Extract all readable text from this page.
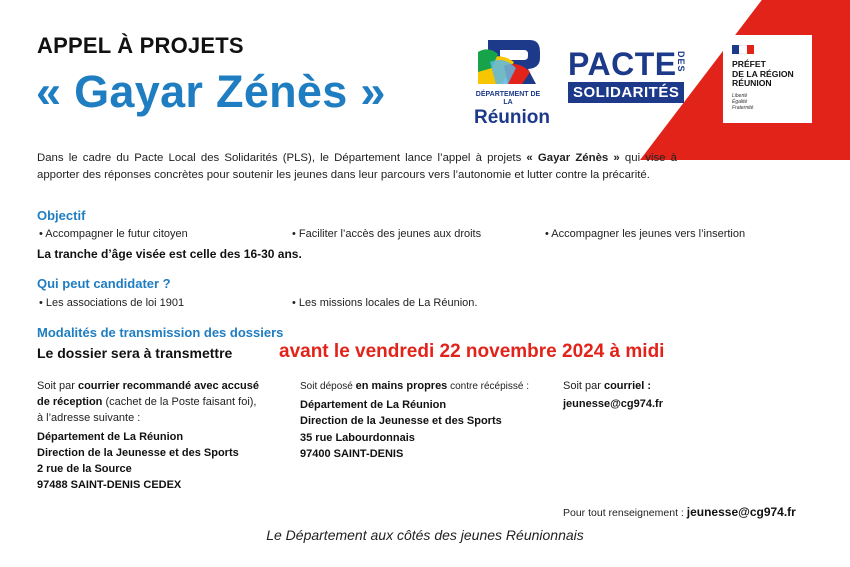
APPEL À PROJETS
« Gayar Zénès »	DÉPARTEMENT DE LA
Réunion
PACTE DES
SOLIDARITÉS
PRÉFET
DE LA RÉGION
RÉUNION
Liberté
Égalité
Fraternité
Dans le cadre du Pacte Local des Solidarités (PLS), le Département lance l’appel à projets « Gayar Zénès » qui vise à apporter des réponses concrètes pour soutenir les jeunes dans leur parcours vers l’autonomie et lutter contre la précarité.
Objectif
• Accompagner le futur citoyen	• Faciliter l’accès des jeunes aux droits	• Accompagner les jeunes vers l’insertion
La tranche d’âge visée est celle des 16-30 ans.
Qui peut candidater ?
• Les associations de loi 1901	• Les missions locales de La Réunion.
Modalités de transmission des dossiers
Le dossier sera à transmettre avant le vendredi 22 novembre 2024 à midi
Soit par courrier recommandé avec accusé
de réception (cachet de la Poste faisant foi),
à l’adresse suivante :
Département de La Réunion
Direction de la Jeunesse et des Sports
2 rue de la Source
97488 SAINT-DENIS CEDEX
Soit déposé en mains propres contre récépissé :
Département de La Réunion
Direction de la Jeunesse et des Sports
35 rue Labourdonnais
97400 SAINT-DENIS
Soit par courriel :
jeunesse@cg974.fr
Pour tout renseignement : jeunesse@cg974.fr
Le Département aux côtés des jeunes Réunionnais
